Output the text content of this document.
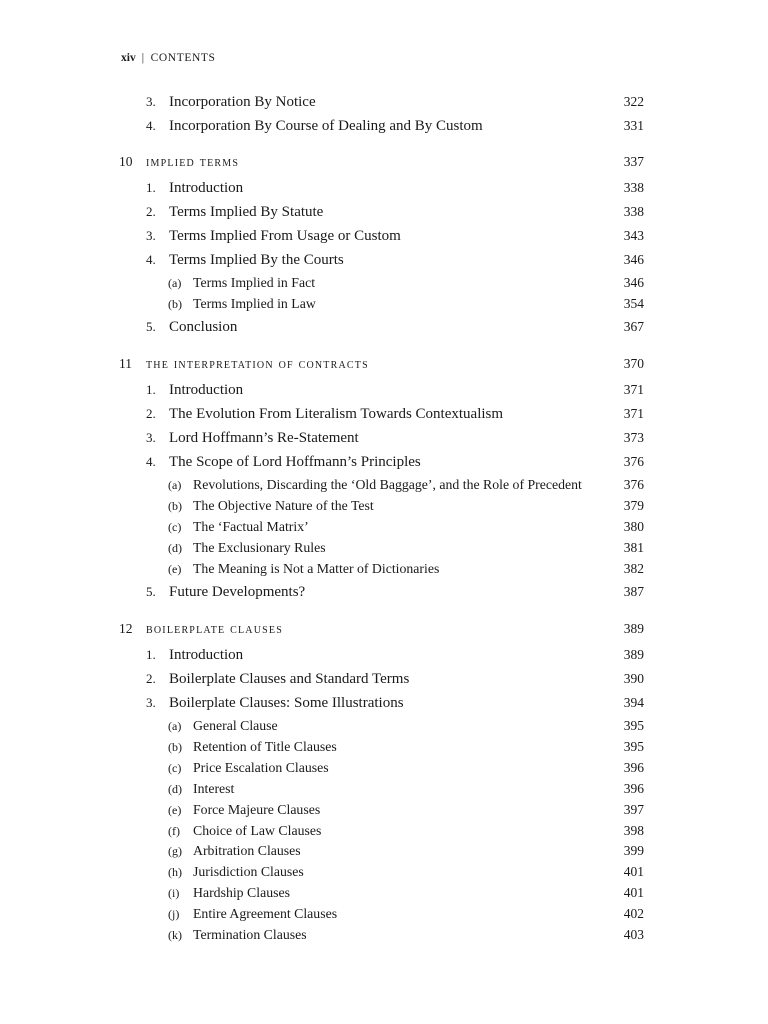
xiv | CONTENTS
3. Incorporation By Notice	322
4. Incorporation By Course of Dealing and By Custom	331
10 implied terms	337
1. Introduction	338
2. Terms Implied By Statute	338
3. Terms Implied From Usage or Custom	343
4. Terms Implied By the Courts	346
(a) Terms Implied in Fact	346
(b) Terms Implied in Law	354
5. Conclusion	367
11 the interpretation of contracts	370
1. Introduction	371
2. The Evolution From Literalism Towards Contextualism	371
3. Lord Hoffmann’s Re-Statement	373
4. The Scope of Lord Hoffmann’s Principles	376
(a) Revolutions, Discarding the ‘Old Baggage’, and the Role of Precedent	376
(b) The Objective Nature of the Test	379
(c) The ‘Factual Matrix’	380
(d) The Exclusionary Rules	381
(e) The Meaning is Not a Matter of Dictionaries	382
5. Future Developments?	387
12 boilerplate clauses	389
1. Introduction	389
2. Boilerplate Clauses and Standard Terms	390
3. Boilerplate Clauses: Some Illustrations	394
(a) General Clause	395
(b) Retention of Title Clauses	395
(c) Price Escalation Clauses	396
(d) Interest	396
(e) Force Majeure Clauses	397
(f) Choice of Law Clauses	398
(g) Arbitration Clauses	399
(h) Jurisdiction Clauses	401
(i) Hardship Clauses	401
(j) Entire Agreement Clauses	402
(k) Termination Clauses	403
